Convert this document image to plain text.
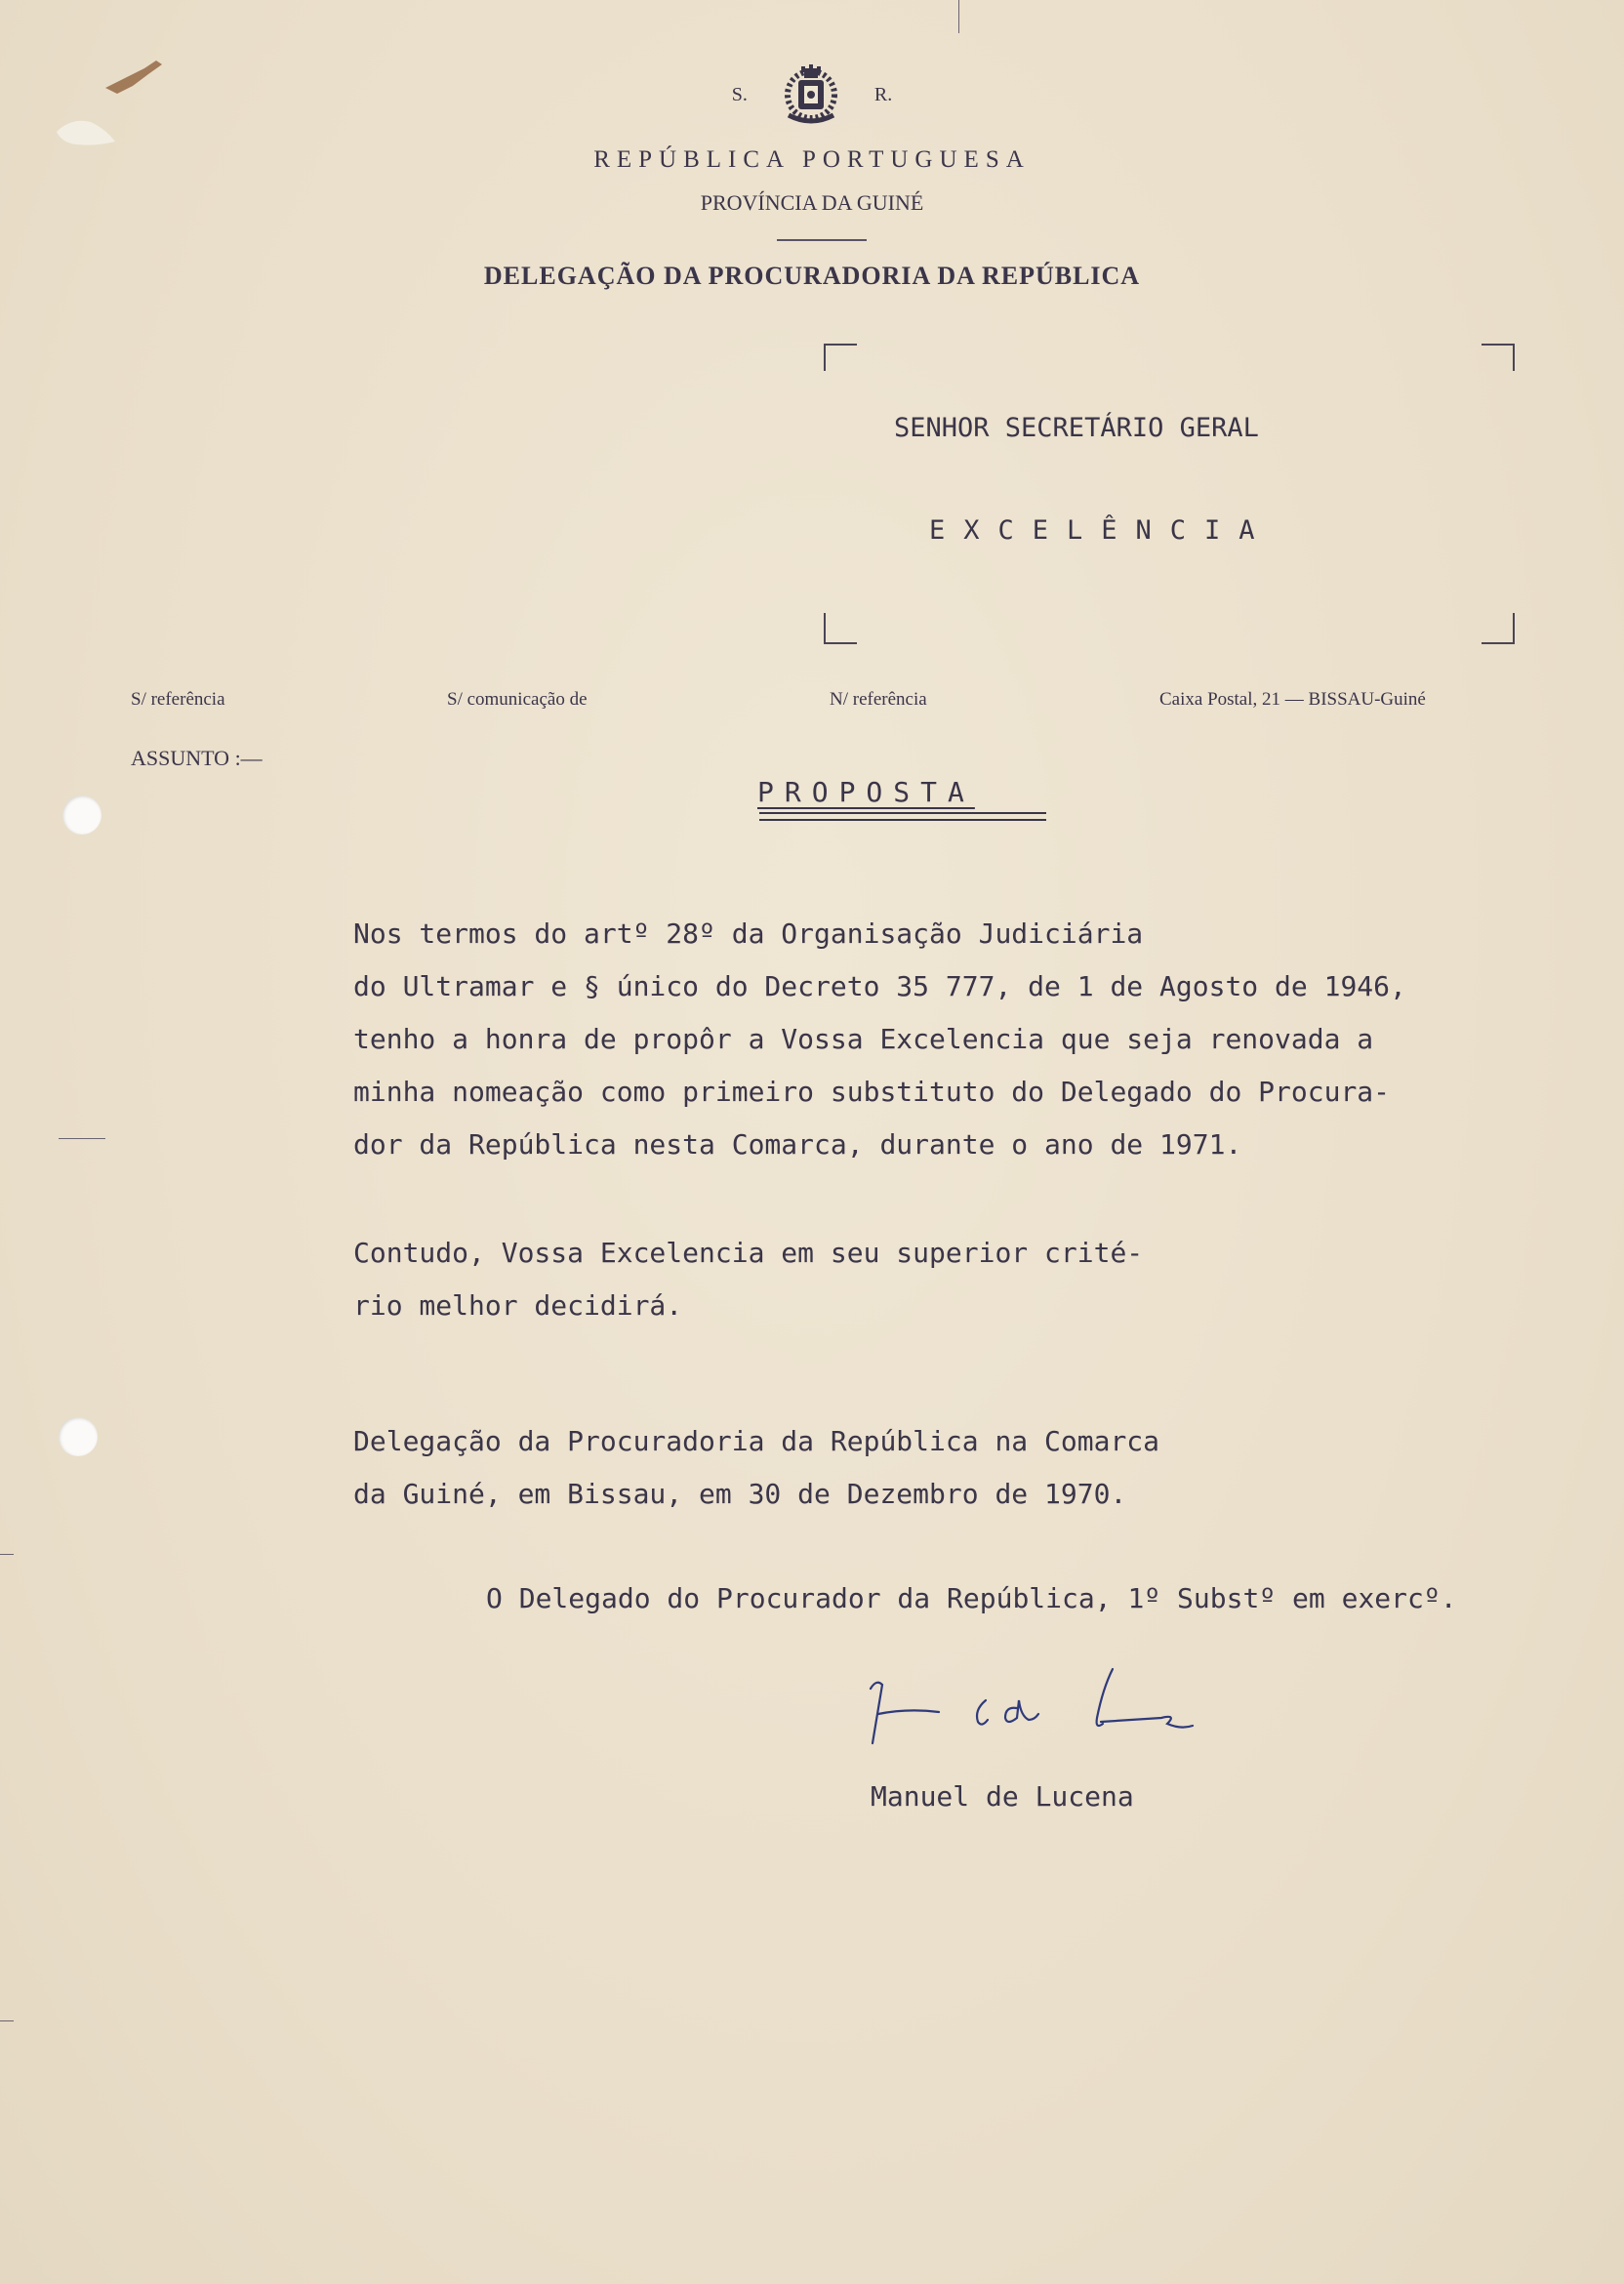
S.	R.
REPÚBLICA PORTUGUESA
PROVÍNCIA DA GUINÉ
DELEGAÇÃO DA PROCURADORIA DA REPÚBLICA
SENHOR SECRETÁRIO GERAL
EXCELÊNCIA
S/ referência	S/ comunicação de	N/ referência	Caixa Postal, 21 — BISSAU-Guiné
ASSUNTO :—
PROPOSTA
Nos termos do artº 28º da Organisação Judiciária
do Ultramar e § único do Decreto 35 777, de 1 de Agosto de 1946,
tenho a honra de propôr a Vossa Excelencia que seja renovada a
minha nomeação como primeiro substituto do Delegado do Procura-
dor da República nesta Comarca, durante o ano de 1971.
Contudo, Vossa Excelencia em seu superior crité-
rio melhor decidirá.
Delegação da Procuradoria da República na Comarca
da Guiné, em Bissau, em 30 de Dezembro de 1970.
O Delegado do Procurador da República, 1º Substº em exercº.
Manuel de Lucena
